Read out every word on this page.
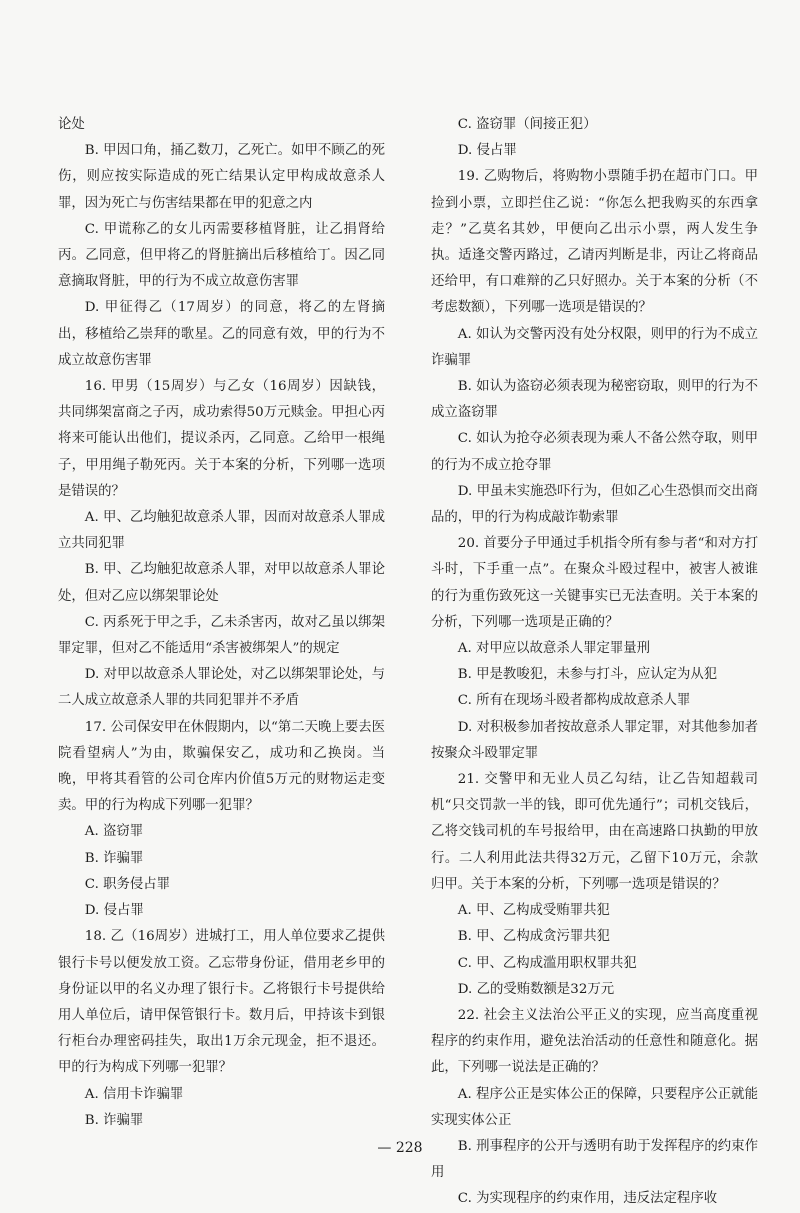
论处

B. 甲因口角，捅乙数刀，乙死亡。如甲不顾乙的死伤，则应按实际造成的死亡结果认定甲构成故意杀人罪，因为死亡与伤害结果都在甲的犯意之内

C. 甲谎称乙的女儿丙需要移植肾脏，让乙捐肾给丙。乙同意，但甲将乙的肾脏摘出后移植给丁。因乙同意摘取肾脏，甲的行为不成立故意伤害罪

D. 甲征得乙（17周岁）的同意，将乙的左肾摘出，移植给乙崇拜的歌星。乙的同意有效，甲的行为不成立故意伤害罪

16. 甲男（15周岁）与乙女（16周岁）因缺钱，共同绑架富商之子丙，成功索得50万元赎金。甲担心丙将来可能认出他们，提议杀丙，乙同意。乙给甲一根绳子，甲用绳子勒死丙。关于本案的分析，下列哪一选项是错误的？

A. 甲、乙均触犯故意杀人罪，因而对故意杀人罪成立共同犯罪

B. 甲、乙均触犯故意杀人罪，对甲以故意杀人罪论处，但对乙应以绑架罪论处

C. 丙系死于甲之手，乙未杀害丙，故对乙虽以绑架罪定罪，但对乙不能适用“杀害被绑架人”的规定

D. 对甲以故意杀人罪论处，对乙以绑架罪论处，与二人成立故意杀人罪的共同犯罪并不矛盾

17. 公司保安甲在休假期内，以“第二天晚上要去医院看望病人”为由，欺骗保安乙，成功和乙换岗。当晚，甲将其看管的公司仓库内价值5万元的财物运走变卖。甲的行为构成下列哪一犯罪？

A. 盗窃罪

B. 诈骗罪

C. 职务侵占罪

D. 侵占罪

18. 乙（16周岁）进城打工，用人单位要求乙提供银行卡号以便发放工资。乙忘带身份证，借用老乡甲的身份证以甲的名义办理了银行卡。乙将银行卡号提供给用人单位后，请甲保管银行卡。数月后，甲持该卡到银行柜台办理密码挂失，取出1万余元现金，拒不退还。甲的行为构成下列哪一犯罪？

A. 信用卡诈骗罪

B. 诈骗罪

C. 盗窃罪（间接正犯）

D. 侵占罪

19. 乙购物后，将购物小票随手扔在超市门口。甲捡到小票，立即拦住乙说：“你怎么把我购买的东西拿走？”乙莫名其妙，甲便向乙出示小票，两人发生争执。适逢交警丙路过，乙请丙判断是非，丙让乙将商品还给甲，有口难辩的乙只好照办。关于本案的分析（不考虑数额），下列哪一选项是错误的？

A. 如认为交警丙没有处分权限，则甲的行为不成立诈骗罪

B. 如认为盗窃必须表现为秘密窃取，则甲的行为不成立盗窃罪

C. 如认为抢夺必须表现为乘人不备公然夺取，则甲的行为不成立抢夺罪

D. 甲虽未实施恐吓行为，但如乙心生恐惧而交出商品的，甲的行为构成敲诈勒索罪

20. 首要分子甲通过手机指令所有参与者“和对方打斗时，下手重一点”。在聚众斗殴过程中，被害人被谁的行为重伤致死这一关键事实已无法查明。关于本案的分析，下列哪一选项是正确的？

A. 对甲应以故意杀人罪定罪量刑

B. 甲是教唆犯，未参与打斗，应认定为从犯

C. 所有在现场斗殴者都构成故意杀人罪

D. 对积极参加者按故意杀人罪定罪，对其他参加者按聚众斗殴罪定罪

21. 交警甲和无业人员乙勾结，让乙告知超载司机“只交罚款一半的钱，即可优先通行”；司机交钱后，乙将交钱司机的车号报给甲，由在高速路口执勤的甲放行。二人利用此法共得32万元，乙留下10万元，余款归甲。关于本案的分析，下列哪一选项是错误的？

A. 甲、乙构成受贿罪共犯

B. 甲、乙构成贪污罪共犯

C. 甲、乙构成滥用职权罪共犯

D. 乙的受贿数额是32万元

22. 社会主义法治公平正义的实现，应当高度重视程序的约束作用，避免法治活动的任意性和随意化。据此，下列哪一说法是正确的？

A. 程序公正是实体公正的保障，只要程序公正就能实现实体公正

B. 刑事程序的公开与透明有助于发挥程序的约束作用

C. 为实现程序的约束作用，违反法定程序收

— 228
